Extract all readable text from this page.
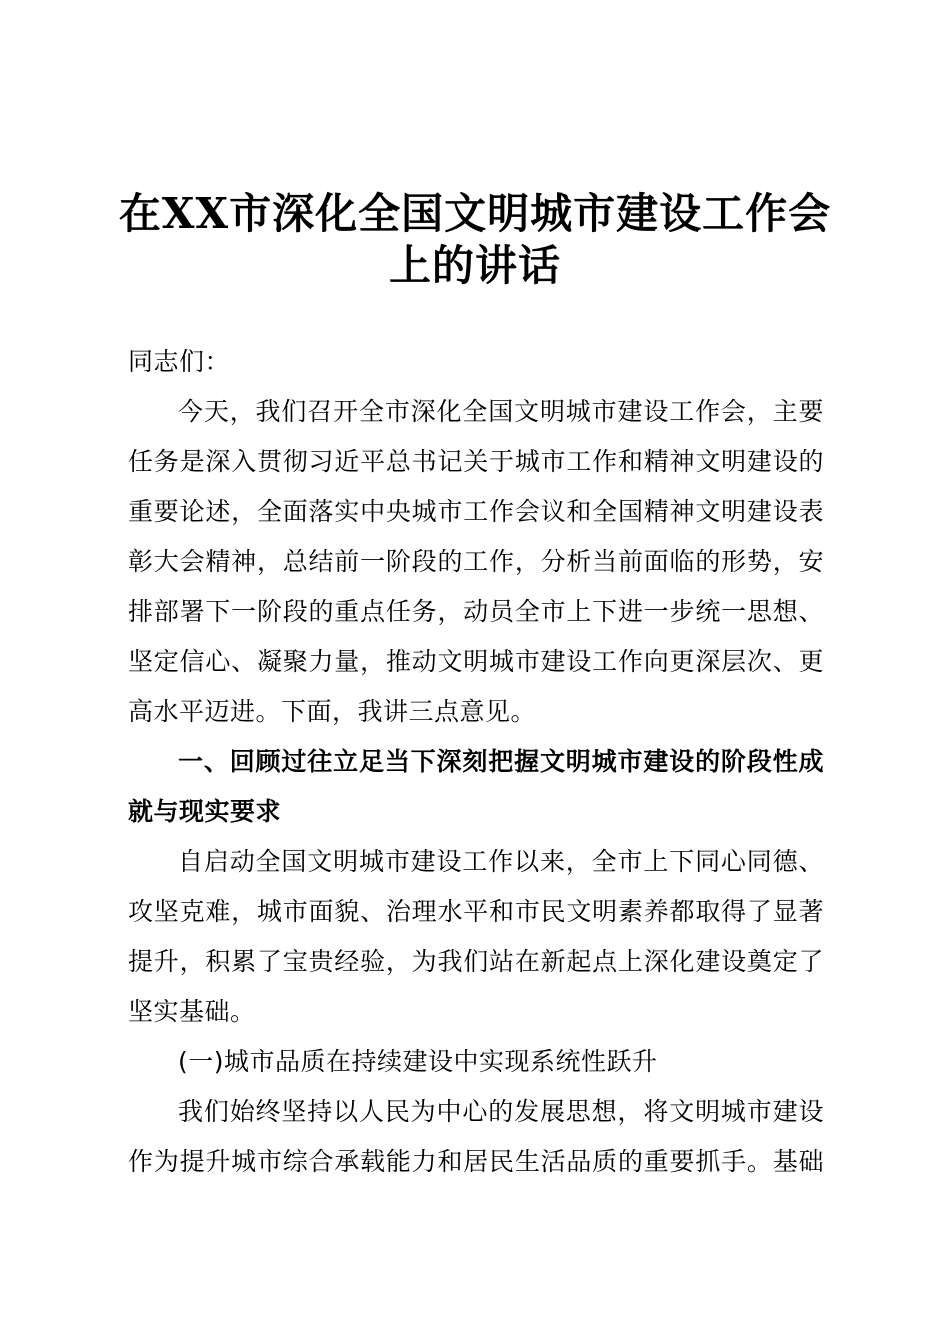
在XX市深化全国文明城市建设工作会
上的讲话
同志们：
今天，我们召开全市深化全国文明城市建设工作会，主要
任务是深入贯彻习近平总书记关于城市工作和精神文明建设的
重要论述，全面落实中央城市工作会议和全国精神文明建设表
彰大会精神，总结前一阶段的工作，分析当前面临的形势，安
排部署下一阶段的重点任务，动员全市上下进一步统一思想、
坚定信心、凝聚力量，推动文明城市建设工作向更深层次、更
高水平迈进。下面，我讲三点意见。
一、回顾过往立足当下深刻把握文明城市建设的阶段性成
就与现实要求
自启动全国文明城市建设工作以来，全市上下同心同德、
攻坚克难，城市面貌、治理水平和市民文明素养都取得了显著
提升，积累了宝贵经验，为我们站在新起点上深化建设奠定了
坚实基础。
(一)城市品质在持续建设中实现系统性跃升
我们始终坚持以人民为中心的发展思想，将文明城市建设
作为提升城市综合承载能力和居民生活品质的重要抓手。基础
